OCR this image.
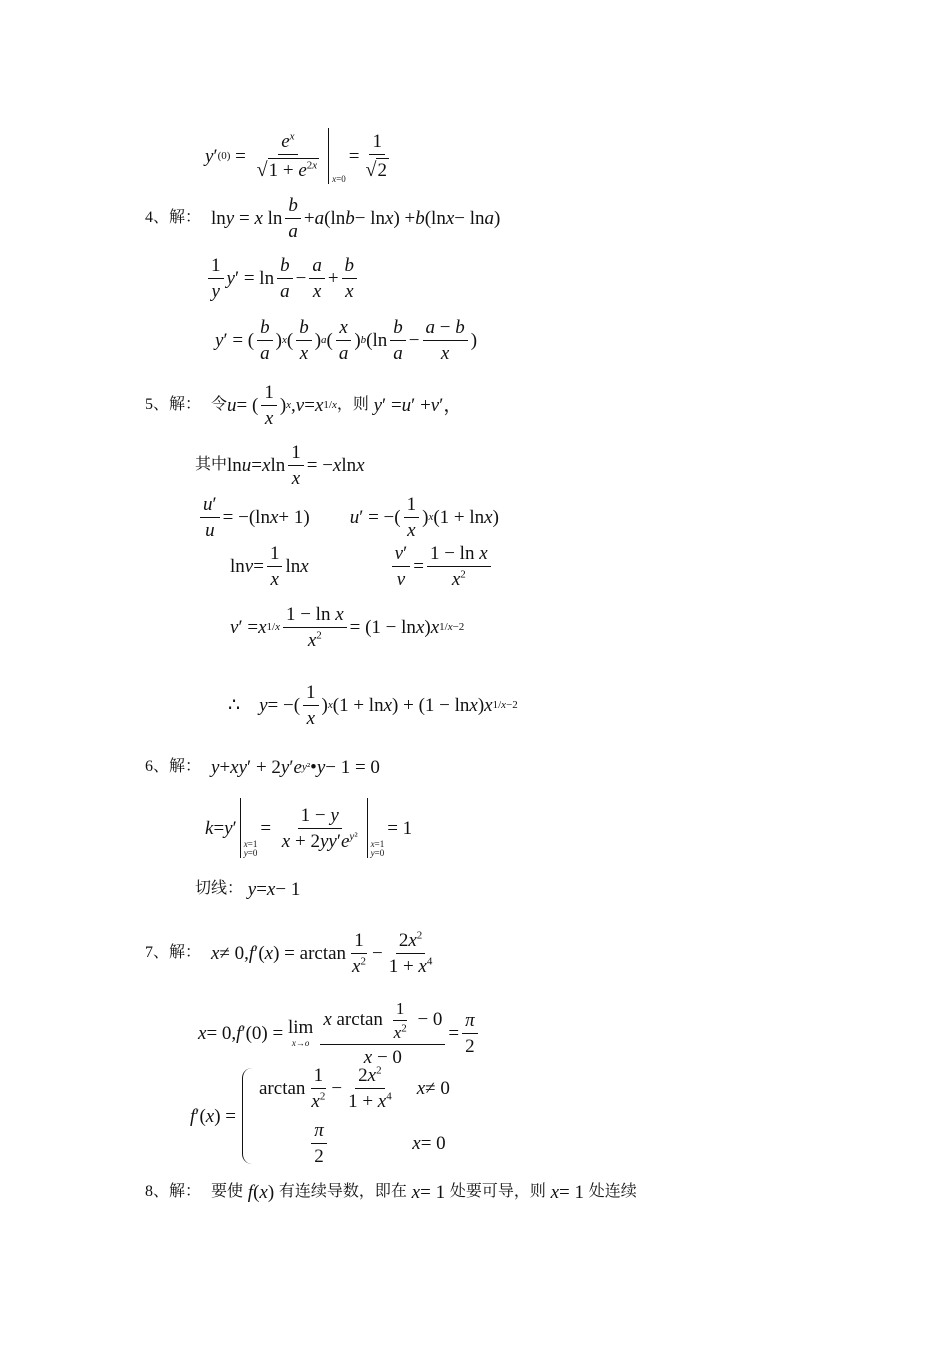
y ′ $(0) = \frac{e^x}{√ 1 + e^{2x}} x=0$
= $\frac{1}{√ 2}$
4、解： ln y = x $\ln \frac{b}{a} + a$ (ln b − ln x ) + b (ln x − ln a )
$\frac{1}{y}$ y ′ = $\ln \frac{b}{a} - \frac{a}{x} + \frac{b}{x}$
y ′ = ( $\frac{b}{a}$ ) x ( $\frac{b}{x}$ ) a ( $\frac{x}{a}$ ) b ($\ln \frac{b}{a} - \frac{a - b}{x}$ )
5、解： 令 u = ( $\frac{1}{x}$ ) x , v = x 1/x ，则
y ′ = u ′ + v ′，
其中 ln u = x $\ln \frac{1}{x}$ = − x ln x
$\frac{u'}{u} = -(\ln$ x + 1) u ′ = −( $\frac{1}{x}$ ) x (1 + ln x )
$\ln v = \frac{1}{x}$ ln x	$\frac{v'}{v} = \frac{\text{1 − ln x}}{x^2}$
v ′ = x $1/x \frac{\text{1 − ln x}}{x^2} = (1 - \ln x$ ) x 1/x−2
∴
y = −( $\frac{1}{x}$ ) x (1 + ln x ) + (1 − ln x ) x 1/x−2
6、解： y + xy ′ + 2 y ′ e y² • y − 1 = 0
k = y ′
x=1
y=0
= $\frac{1 - y}{x + 2yy'e^{y^2}} x=1$
y=0
= 1
切线：
y = x − 1
7、解： x ≠ 0, f ′( x ) = $\arctan \frac{1}{x^2} - \frac{2x^2}{1 + x^4}$
x = 0, f ′(0) = lim
$x\to o \frac{x \arctan \frac{1}{x^2} - 0}{x - 0} = \frac{\pi}{2}$
f ′( x ) =
$\arctan \frac{1}{x^2} - \frac{2x^2}{1 + x^4}$
x ≠ 0
$\frac{\pi}{2}$
	x = 0
8、解： 要使
f ( x ) 有连续导数，即在
x = 1 处要可导，则
x = 1 处连续
